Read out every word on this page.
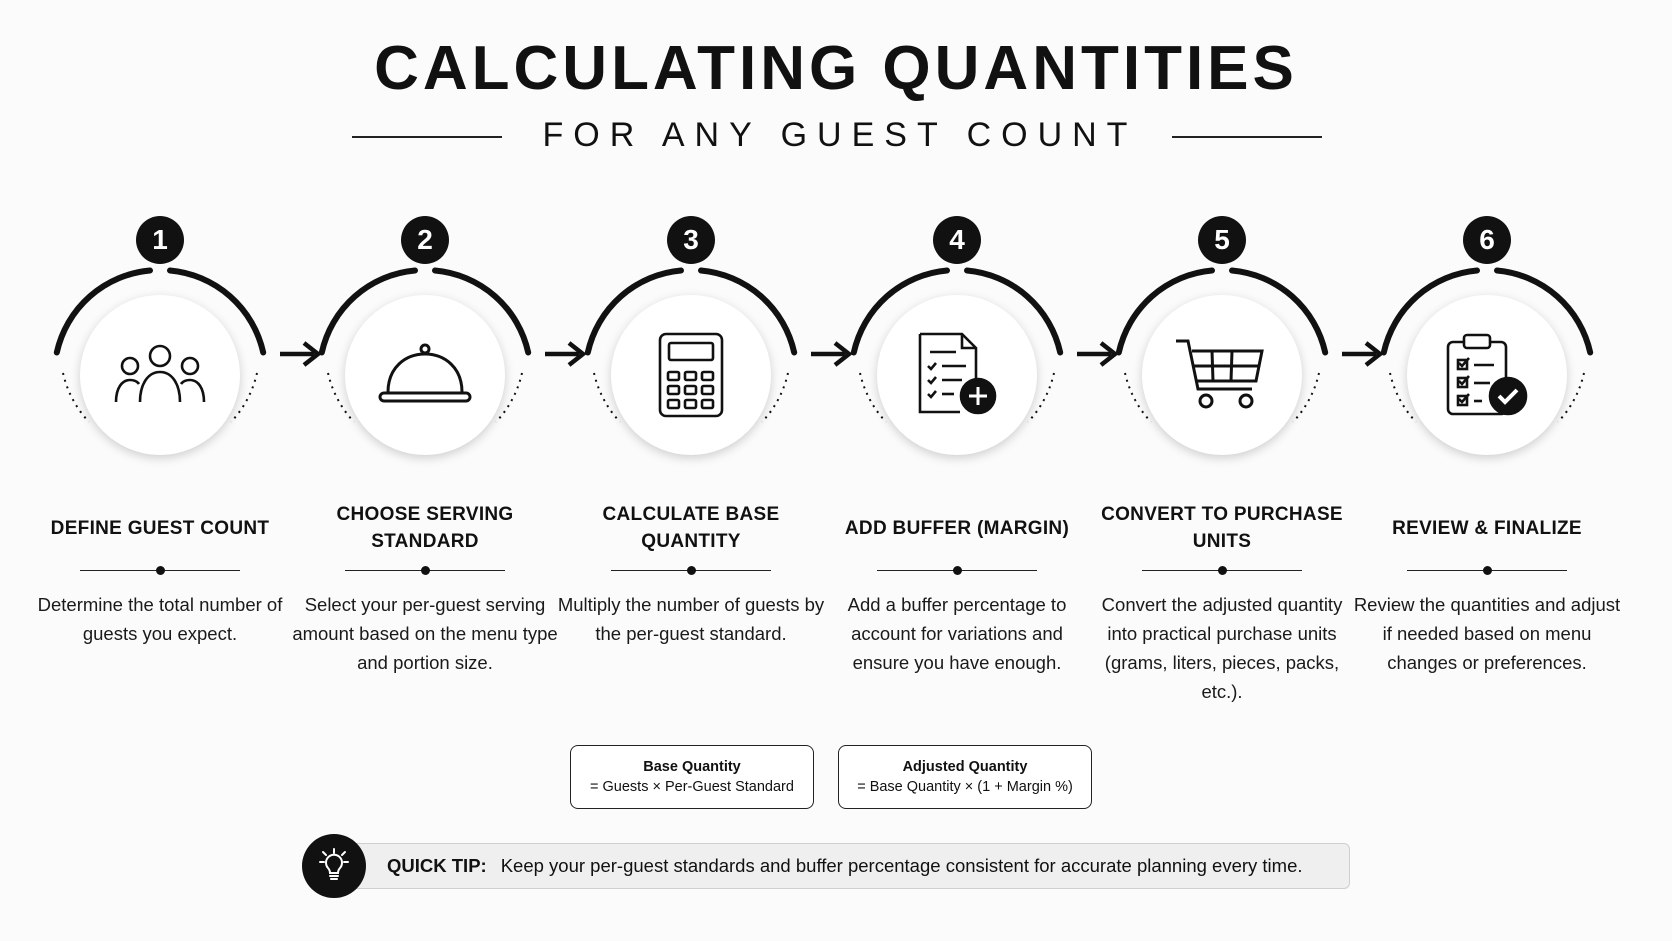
CALCULATING QUANTITIES
FOR ANY GUEST COUNT
1
DEFINE GUEST COUNT
Determine the total number of guests you expect.
2
CHOOSE SERVING STANDARD
Select your per-guest serving amount based on the menu type and portion size.
3
CALCULATE BASE QUANTITY
Multiply the number of guests by the per-guest standard.
4
ADD BUFFER (MARGIN)
Add a buffer percentage to account for variations and ensure you have enough.
5
CONVERT TO PURCHASE UNITS
Convert the adjusted quantity into practical purchase units (grams, liters, pieces, packs, etc.).
6
REVIEW & FINALIZE
Review the quantities and adjust if needed based on menu changes or preferences.
Base Quantity
= Guests × Per-Guest Standard
Adjusted Quantity
= Base Quantity × (1 + Margin %)
QUICK TIP: Keep your per-guest standards and buffer percentage consistent for accurate planning every time.
